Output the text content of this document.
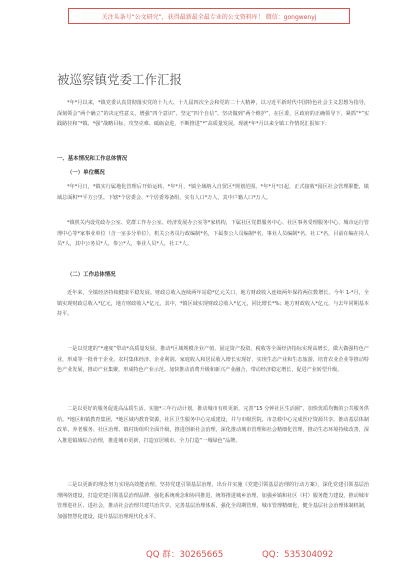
关注头条号“公文研究”，获得最新最全最专业的公文资料库！ 微信：gongwenyj
被巡察镇党委工作汇报
*年*月以来，*镇党委认真贯彻落实党的十九大、十九届四次全会和党的二十大精神，以习近平新时代中国特色社会主义思想为指导，深刻领会“两个确立”的决定性意义，增强“四个意识”、坚定“四个自信”、坚决做到“两个维护”，在区委、区政府的正确领导下，紧抓“*”实践路径和“*镇、*强”战略目标，攻坚克难、砥砺奋进，不断推进“*”高质量发展。现就*年*月以来全镇工作情况汇报如下：
一、基本情况和工作总体情况
（一）单位概况
*年*月日，*镇实行属地化管理后开始运转。*年*月，*镇全域纳入自贸区*规划范围。*年*月*日起，正式接收*园区社会管理职能，镇域总面积**平方公里。下辖*个居委会、*个居委筹备组，实有人口*万人，其中户籍人口*万人。
*镇机关内设党政办公室、党群工作办公室、经济发展办公室等*家机构，下属社区党群服务中心、社区事务受理服务中心、城市运行管理中心等*家事业单位（含一室多分单位），机关公务员行政编制*名，下属参公人员编制*名，事业人员编制*名，社工*名，目前在编在岗人员*人，其中公务员*人，参公*人，事业人员*人，社工*人。
（二）工作总体情况
近年来，全镇经济持续健康平稳发展。财政总收入连续两年站稳*亿元关口，地方财政收入连续两年保持两位数增长。今年 1-*月，全镇实现财政总收入*亿元，地方财政收入*亿元，其中，*镇区域实现财政总收入*亿元，同比增长*%；地方财政收入*亿元，与去年同期基本持平。
一是以党建的“*速度”带动*高质量发展。推动*区域规模企业产值、固定资产投资、税收等全面经济指标实现高增长。做大做强特色产业，形成等一批骨干企业。农村集体经济、企业利润、家庭收入和居民收入增长实现好，实现生态产业和生态旅游，培育农业企业等推动特色产业发展，推动产业集聚，形成特色产业示范。加快推动消费升级和新兴产业融合，带动经济稳定增长，促进产业转型升级。
二是以更好的服务促进高品质生活。实施*三年行动计划，推动城市有机更新，完善“15 分钟社区生活圈”，加快优质均衡的公共服务供给。*地区和镇教育集团，*地区域内教育资源，社区卫生服务中心完成建设，并与市级医院、市急救中心完成医疗资源共享。推动基层体制改革、养老服务、社区治理、镇村街组织全面升级，推进创新社会治理，深化推动城市管理和社会精细化管理，推动生态环境持续改善，深入推进镇域综合治理，推进城市更新，打造宜居城市，全力打造“一城绿色”品牌。
三是以更新的理念努力实现高效能治理。坚持党建引领基层治理，出台并实施《党建引领基层治理的行动方案》，深化党建引领基层治理网络建设，打造党建引领基层治理品牌，强化系统观念和协同推进，统筹推进城乡治理，加强乡镇和社区（村）服务能力建设，推动城市管理进社区、进社会，推动社会治理共建共治共享，完善基层治理体系，强化全周期管理，城市管理精细化，健全基层社会治理体制机制，加强智慧化建设，提升基层治理现代化水平。
QQ 群：30265665	QQ：535304092
